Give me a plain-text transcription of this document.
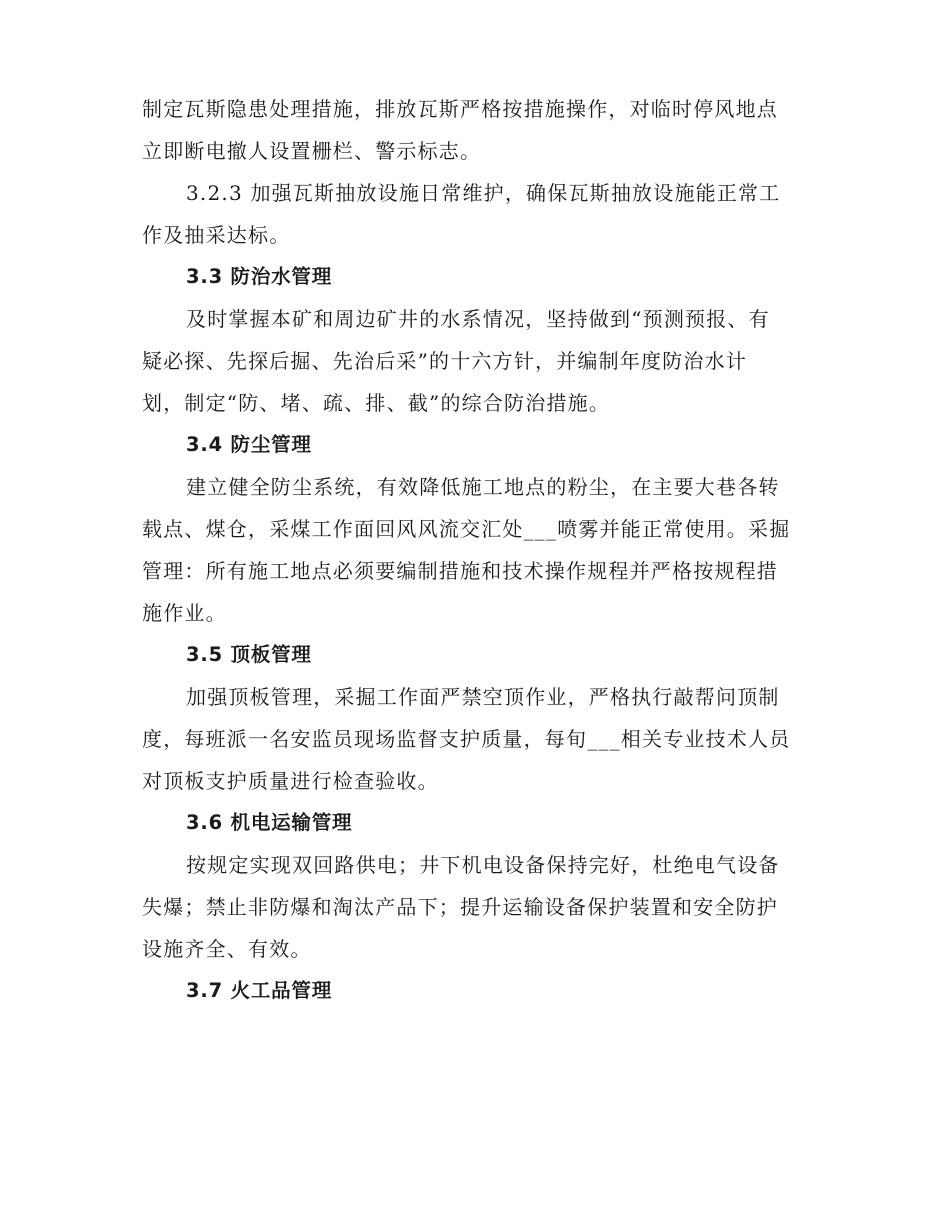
制定瓦斯隐患处理措施，排放瓦斯严格按措施操作，对临时停风地点
立即断电撤人设置栅栏、警示标志。
3.2.3 加强瓦斯抽放设施日常维护，确保瓦斯抽放设施能正常工
作及抽采达标。
3.3 防治水管理
及时掌握本矿和周边矿井的水系情况，坚持做到“预测预报、有
疑必探、先探后掘、先治后采”的十六方针，并编制年度防治水计
划，制定“防、堵、疏、排、截”的综合防治措施。
3.4 防尘管理
建立健全防尘系统，有效降低施工地点的粉尘，在主要大巷各转
载点、煤仓，采煤工作面回风风流交汇处___喷雾并能正常使用。采掘
管理：所有施工地点必须要编制措施和技术操作规程并严格按规程措
施作业。
3.5 顶板管理
加强顶板管理，采掘工作面严禁空顶作业，严格执行敲帮问顶制
度，每班派一名安监员现场监督支护质量，每旬___相关专业技术人员
对顶板支护质量进行检查验收。
3.6 机电运输管理
按规定实现双回路供电；井下机电设备保持完好，杜绝电气设备
失爆；禁止非防爆和淘汰产品下；提升运输设备保护装置和安全防护
设施齐全、有效。
3.7 火工品管理
